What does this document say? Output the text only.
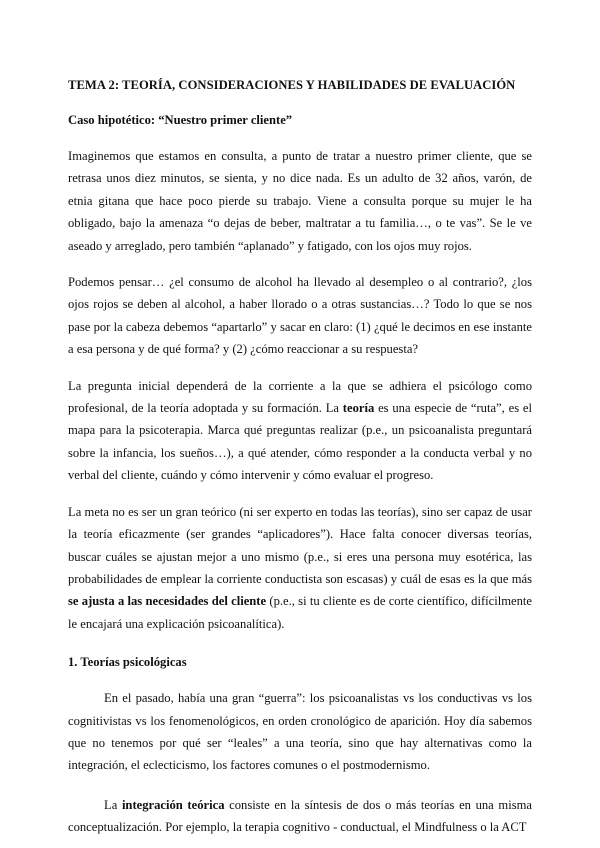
TEMA 2: TEORÍA, CONSIDERACIONES Y HABILIDADES DE EVALUACIÓN
Caso hipotético: “Nuestro primer cliente”

Imaginemos que estamos en consulta, a punto de tratar a nuestro primer cliente, que se retrasa unos diez minutos, se sienta, y no dice nada. Es un adulto de 32 años, varón, de etnia gitana que hace poco pierde su trabajo. Viene a consulta porque su mujer le ha obligado, bajo la amenaza “o dejas de beber, maltratar a tu familia…, o te vas”. Se le ve aseado y arreglado, pero también “aplanado” y fatigado, con los ojos muy rojos.

Podemos pensar… ¿el consumo de alcohol ha llevado al desempleo o al contrario?, ¿los ojos rojos se deben al alcohol, a haber llorado o a otras sustancias…? Todo lo que se nos pase por la cabeza debemos “apartarlo” y sacar en claro: (1) ¿qué le decimos en ese instante a esa persona y de qué forma? y (2) ¿cómo reaccionar a su respuesta?

La pregunta inicial dependerá de la corriente a la que se adhiera el psicólogo como profesional, de la teoría adoptada y su formación. La teoría es una especie de “ruta”, es el mapa para la psicoterapia. Marca qué preguntas realizar (p.e., un psicoanalista preguntará sobre la infancia, los sueños…), a qué atender, cómo responder a la conducta verbal y no verbal del cliente, cuándo y cómo intervenir y cómo evaluar el progreso.

La meta no es ser un gran teórico (ni ser experto en todas las teorías), sino ser capaz de usar la teoría eficazmente (ser grandes “aplicadores”). Hace falta conocer diversas teorías, buscar cuáles se ajustan mejor a uno mismo (p.e., si eres una persona muy esotérica, las probabilidades de emplear la corriente conductista son escasas) y cuál de esas es la que más se ajusta a las necesidades del cliente (p.e., si tu cliente es de corte científico, difícilmente le encajará una explicación psicoanalítica).

1. Teorías psicológicas

En el pasado, había una gran “guerra”: los psicoanalistas vs los conductivas vs los cognitivistas vs los fenomenológicos, en orden cronológico de aparición. Hoy día sabemos que no tenemos por qué ser “leales” a una teoría, sino que hay alternativas como la integración, el eclecticismo, los factores comunes o el postmodernismo.

La integración teórica consiste en la síntesis de dos o más teorías en una misma conceptualización. Por ejemplo, la terapia cognitivo - conductual, el Mindfulness o la ACT
